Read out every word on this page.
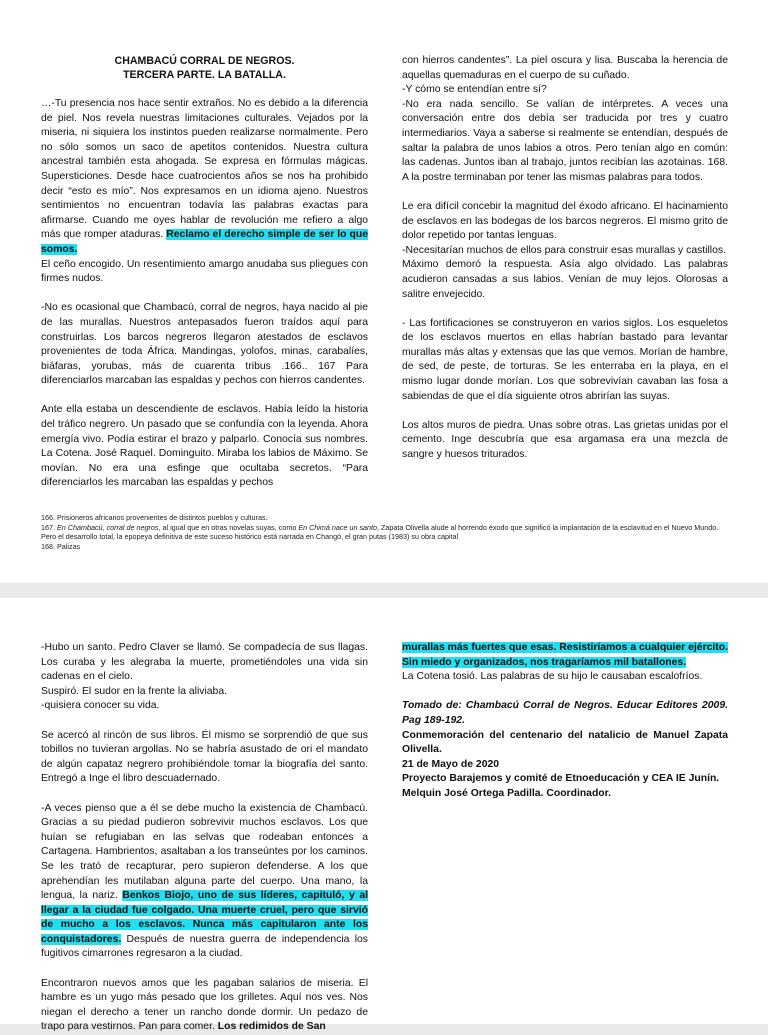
CHAMBACÚ CORRAL DE NEGROS.

TERCERA PARTE. LA BATALLA.

…-Tu presencia nos hace sentir extraños. No es debido a la diferencia de piel. Nos revela nuestras limitaciones culturales. Vejados por la miseria, ni siquiera los instintos pueden realizarse normalmente. Pero no sólo somos un saco de apetitos contenidos. Nuestra cultura ancestral también esta ahogada. Se expresa en fórmulas mágicas. Supersticiones. Desde hace cuatrocientos años se nos ha prohibido decir “esto es mío”. Nos expresamos en un idioma ajeno. Nuestros sentimientos no encuentran todavía las palabras exactas para afirmarse. Cuando me oyes hablar de revolución me refiero a algo más que romper ataduras. Reclamo el derecho simple de ser lo que somos.

El ceño encogido. Un resentimiento amargo anudaba sus pliegues con firmes nudos.

-No es ocasional que Chambacú, corral de negros, haya nacido al pie de las murallas. Nuestros antepasados fueron traídos aquí para construirlas. Los barcos negreros llegaron atestados de esclavos provenientes de toda África. Mandingas, yolofos, minas, carabalíes, biáfaras, yorubas, más de cuarenta tribus .166.. 167 Para diferenciarlos marcaban las espaldas y pechos con hierros candentes.

Ante ella estaba un descendiente de esclavos. Había leído la historia del tráfico negrero. Un pasado que se confundía con la leyenda. Ahora emergía vivo. Podía estirar el brazo y palparlo. Conocía sus nombres. La Cotena. José Raquel. Dominguito. Miraba los labios de Máximo. Se movían. No era una esfinge que ocultaba secretos. “Para diferenciarlos les marcaban las espaldas y pechos

con hierros candentes”. La piel oscura y lisa. Buscaba la herencia de aquellas quemaduras en el cuerpo de su cuñado.

-Y cómo se entendían entre sí?

-No era nada sencillo. Se valían de intérpretes. A veces una conversación entre dos debía ser traducida por tres y cuatro intermediarios. Vaya a saberse si realmente se entendían, después de saltar la palabra de unos labios a otros. Pero tenían algo en común: las cadenas. Juntos iban al trabajo, juntos recibían las azotainas. 168. A la postre terminaban por tener las mismas palabras para todos.

Le era difícil concebir la magnitud del éxodo africano. El hacinamiento de esclavos en las bodegas de los barcos negreros. El mismo grito de dolor repetido por tantas lenguas.

-Necesitarían muchos de ellos para construir esas murallas y castillos.

Máximo demoró la respuesta. Asía algo olvidado. Las palabras acudieron cansadas a sus labios. Venían de muy lejos. Olorosas a salitre envejecido.

- Las fortificaciones se construyeron en varios siglos. Los esqueletos de los esclavos muertos en ellas habrían bastado para levantar murallas más altas y extensas que las que vemos. Morían de hambre, de sed, de peste, de torturas. Se les enterraba en la playa, en el mismo lugar donde morían. Los que sobrevivían cavaban las fosa a sabiendas de que el día siguiente otros abrirían las suyas.

Los altos muros de piedra. Unas sobre otras. Las grietas unidas por el cemento. Inge descubría que esa argamasa era una mezcla de sangre y huesos triturados.

166. Prisioneros africanos provenientes de distintos pueblos y culturas.

167. En Chambacú, corral de negros, al igual que en otras novelas suyas, como En Chimá nace un santo, Zapata Olivella alude al horrendo éxodo que significó la implantación de la esclavitud en el Nuevo Mundo. Pero el desarrollo total, la epopeya definitiva de este suceso histórico está narrada en Changó, el gran putas (1983) su obra capital

168. Palizas

-Hubo un santo. Pedro Claver se llamó. Se compadecía de sus llagas. Los curaba y les alegraba la muerte, prometiéndoles una vida sin cadenas en el cielo.

Suspiró. El sudor en la frente la aliviaba.

-quisiera conocer su vida.

Se acercó al rincón de sus libros. Él mismo se sorprendió de que sus tobillos no tuvieran argollas. No se habría asustado de ori el mandato de algún capataz negrero prohibiéndole tomar la biografía del santo. Entregó a Inge el libro descuadernado.

-A veces pienso que a él se debe mucho la existencia de Chambacú. Gracias a su piedad pudieron sobrevivir muchos esclavos. Los que huían se refugiaban en las selvas que rodeaban entonces a Cartagena. Hambrientos, asaltaban a los transeúntes por los caminos. Se les trató de recapturar, pero supieron defenderse. A los que aprehendían les mutilaban alguna parte del cuerpo. Una mano, la lengua, la nariz. Benkos Biojo, uno de sus líderes, capituló, y al llegar a la ciudad fue colgado. Una muerte cruel, pero que sirvió de mucho a los esclavos. Nunca más capitularon ante los conquistadores. Después de nuestra guerra de independencia los fugitivos cimarrones regresaron a la ciudad.

Encontraron nuevos amos que les pagaban salarios de miseria. El hambre es un yugo más pesado que los grilletes. Aquí nos ves. Nos niegan el derecho a tener un rancho donde dormir. Un pedazo de trapo para vestirnos. Pan para comer. Los redimidos de San

murallas más fuertes que esas. Resistiríamos a cualquier ejército. Sin miedo y organizados, nos tragaríamos mil batallones.

La Cotena tosió. Las palabras de su hijo le causaban escalofríos.

Tomado de: Chambacú Corral de Negros. Educar Editores 2009. Pag 189-192.

Conmemoración del centenario del natalicio de Manuel Zapata Olivella.

21 de Mayo de 2020

Proyecto Barajemos y comité de Etnoeducación y CEA IE Junín.

Melquin José Ortega Padilla. Coordinador.
